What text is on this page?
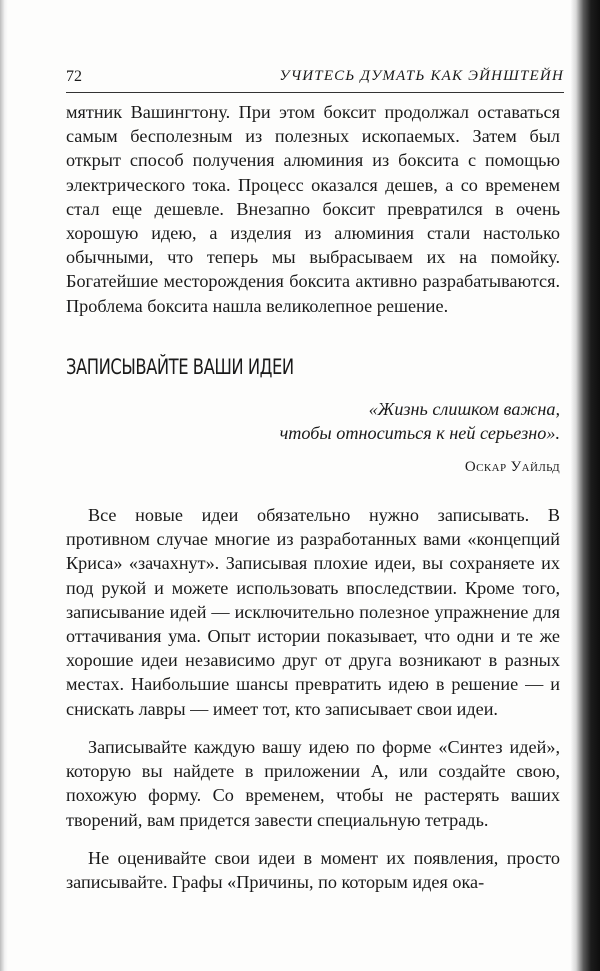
72	УЧИТЕСЬ ДУМАТЬ КАК ЭЙНШТЕЙН

мятник Вашингтону. При этом боксит продолжал оставаться самым бесполезным из полезных ископаемых. Затем был открыт способ получения алюминия из боксита с помощью электрического тока. Процесс оказался дешев, а со временем стал еще дешевле. Внезапно боксит превратился в очень хорошую идею, а изделия из алюминия стали настолько обычными, что теперь мы выбрасываем их на помойку. Богатейшие месторождения боксита активно разрабатываются. Проблема боксита нашла великолепное решение.

ЗАПИСЫВАЙТЕ ВАШИ ИДЕИ

«Жизнь слишком важна,
чтобы относиться к ней серьезно».

Оскар Уайльд

Все новые идеи обязательно нужно записывать. В противном случае многие из разработанных вами «концепций Криса» «зачахнут». Записывая плохие идеи, вы сохраняете их под рукой и можете использовать впоследствии. Кроме того, записывание идей — исключительно полезное упражнение для оттачивания ума. Опыт истории показывает, что одни и те же хорошие идеи независимо друг от друга возникают в разных местах. Наибольшие шансы превратить идею в решение — и снискать лавры — имеет тот, кто записывает свои идеи.

Записывайте каждую вашу идею по форме «Синтез идей», которую вы найдете в приложении А, или создайте свою, похожую форму. Со временем, чтобы не растерять ваших творений, вам придется завести специальную тетрадь.

Не оценивайте свои идеи в момент их появления, просто записывайте. Графы «Причины, по которым идея ока-
